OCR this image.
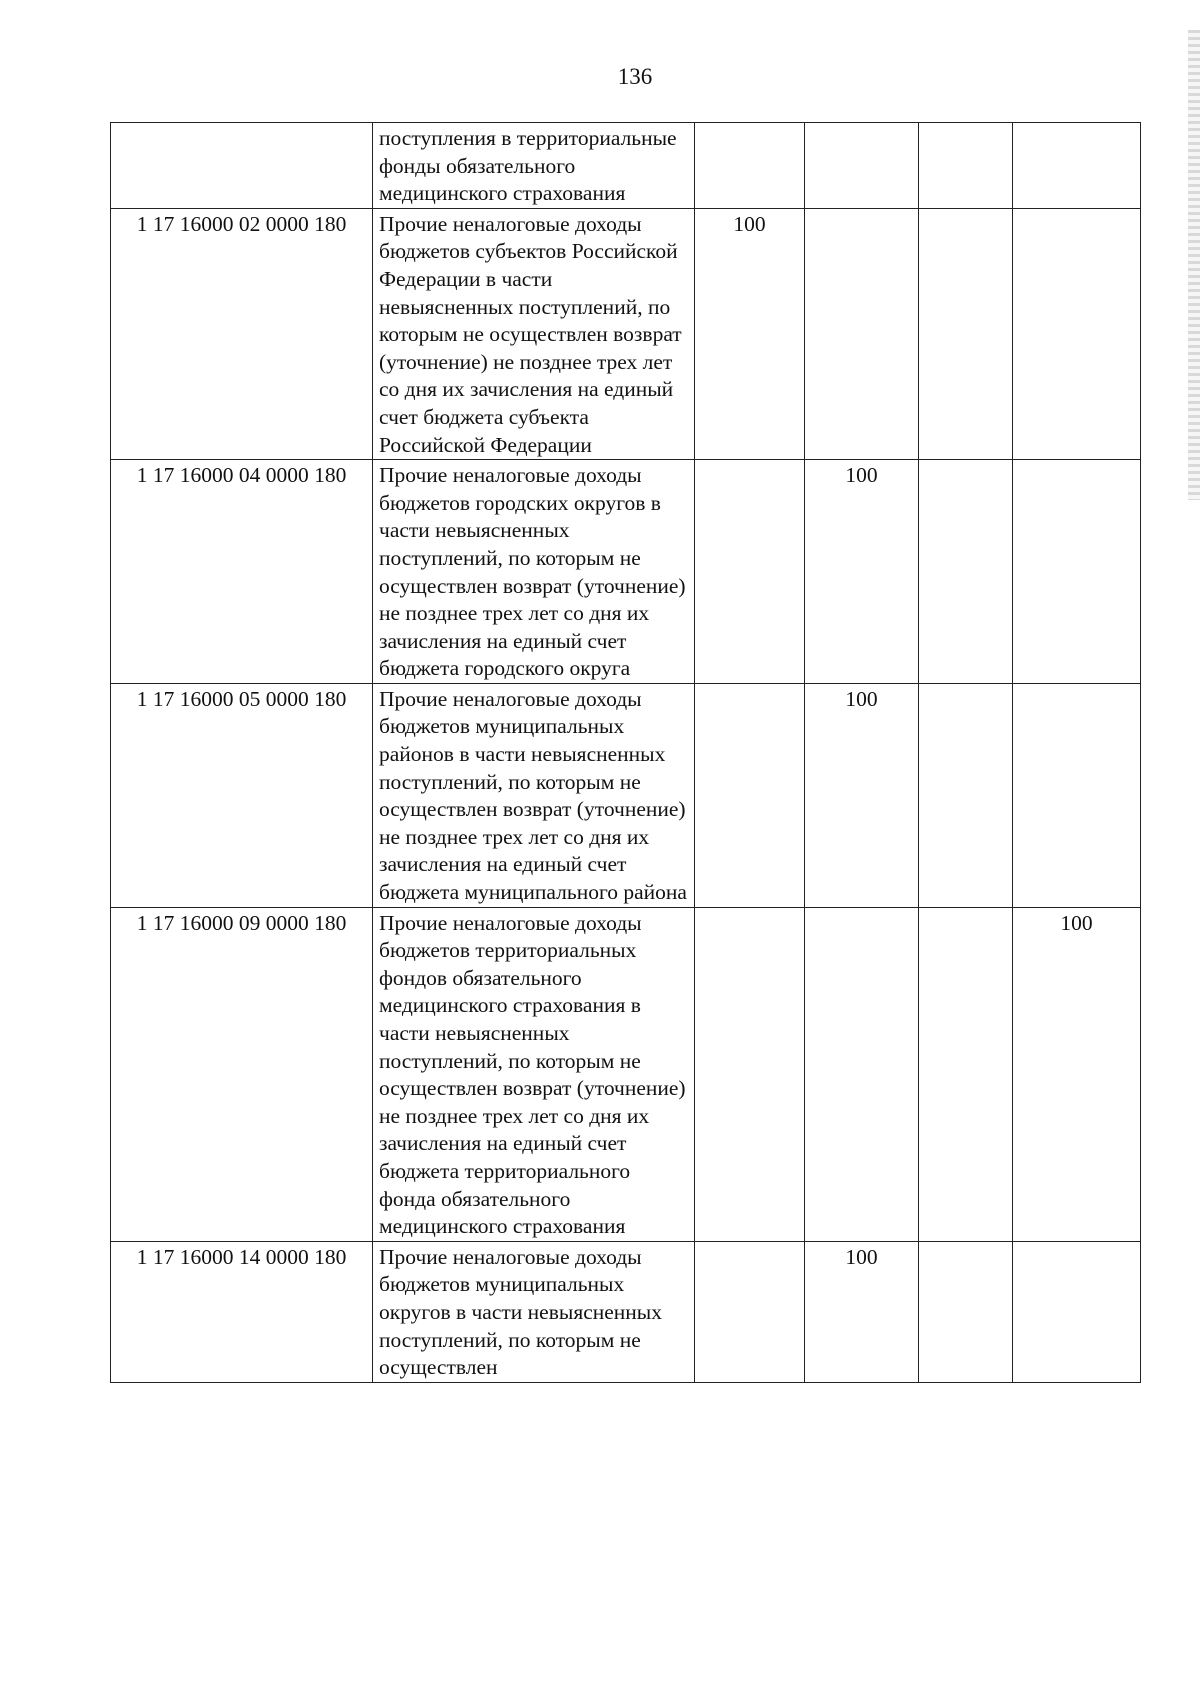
136
	поступления в территориальные фонды обязательного медицинского страхования				
1 17 16000 02 0000 180	Прочие неналоговые доходы бюджетов субъектов Российской Федерации в части невыясненных поступлений, по которым не осуществлен возврат (уточнение) не позднее трех лет со дня их зачисления на единый счет бюджета субъекта Российской Федерации	100			
1 17 16000 04 0000 180	Прочие неналоговые доходы бюджетов городских округов в части невыясненных поступлений, по которым не осуществлен возврат (уточнение) не позднее трех лет со дня их зачисления на единый счет бюджета городского округа		100		
1 17 16000 05 0000 180	Прочие неналоговые доходы бюджетов муниципальных районов в части невыясненных поступлений, по которым не осуществлен возврат (уточнение) не позднее трех лет со дня их зачисления на единый счет бюджета муниципального района		100		
1 17 16000 09 0000 180	Прочие неналоговые доходы бюджетов территориальных фондов обязательного медицинского страхования в части невыясненных поступлений, по которым не осуществлен возврат (уточнение) не позднее трех лет со дня их зачисления на единый счет бюджета территориального фонда обязательного медицинского страхования				100
1 17 16000 14 0000 180	Прочие неналоговые доходы бюджетов муниципальных округов в части невыясненных поступлений, по которым не осуществлен		100		
